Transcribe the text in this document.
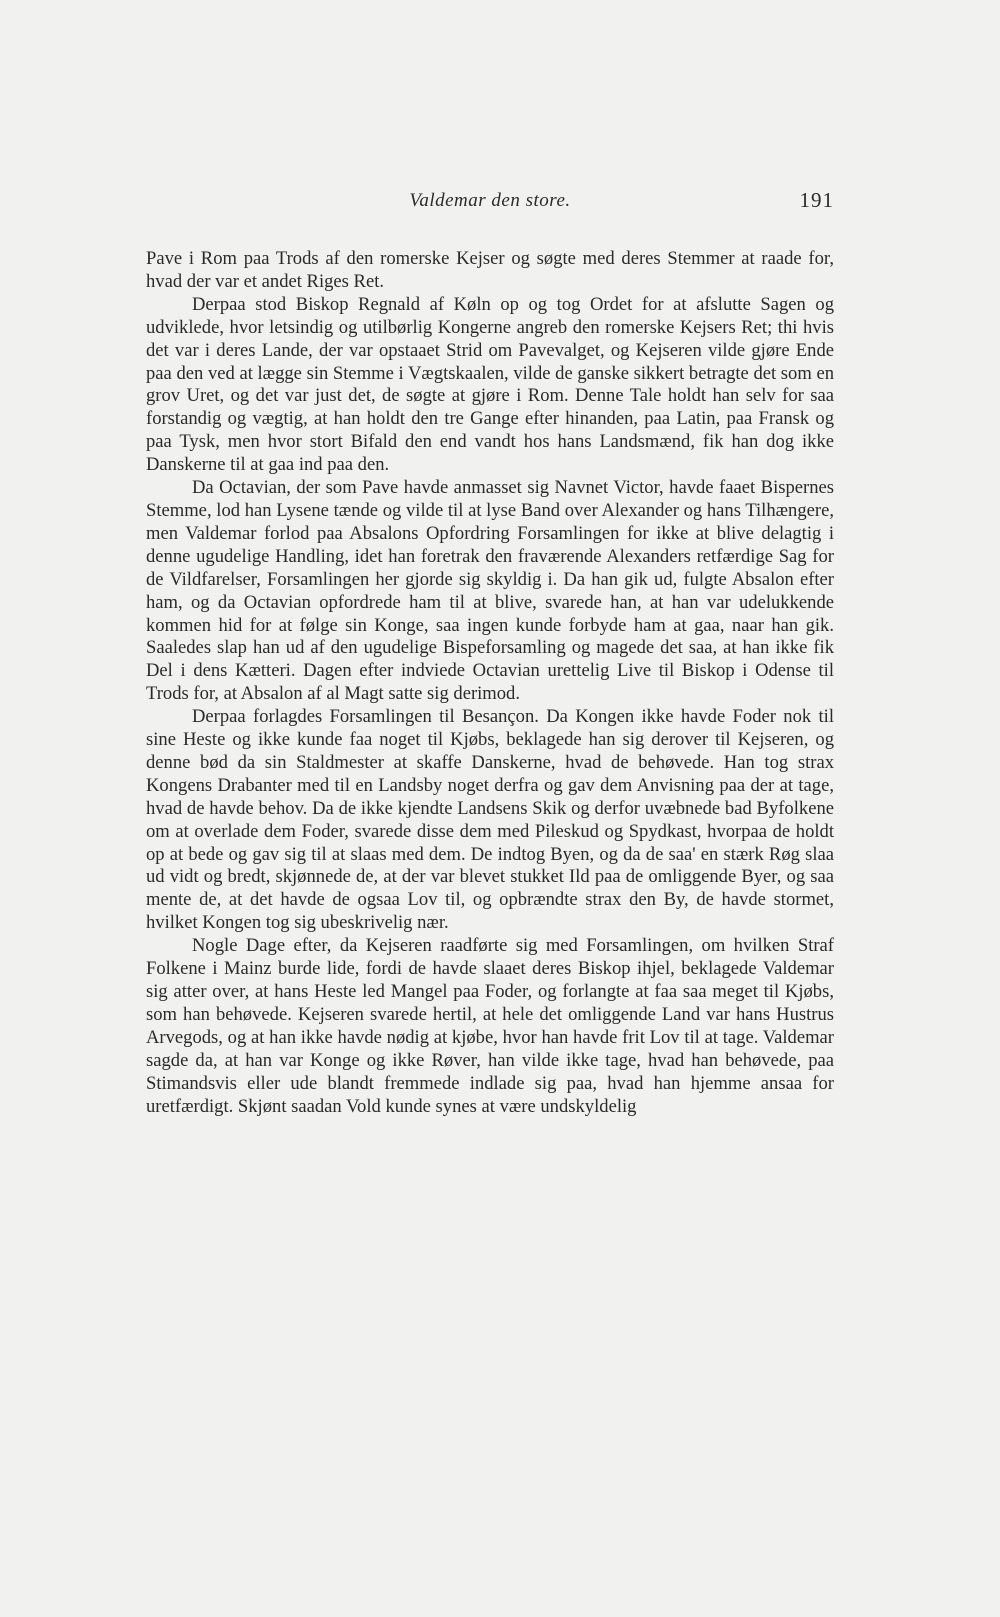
Valdemar den store.	191

Pave i Rom paa Trods af den romerske Kejser og søgte med deres Stemmer at raade for, hvad der var et andet Riges Ret.

Derpaa stod Biskop Regnald af Køln op og tog Ordet for at afslutte Sagen og udviklede, hvor letsindig og utilbørlig Kongerne angreb den romerske Kejsers Ret; thi hvis det var i deres Lande, der var opstaaet Strid om Pavevalget, og Kejseren vilde gjøre Ende paa den ved at lægge sin Stemme i Vægtskaalen, vilde de ganske sikkert betragte det som en grov Uret, og det var just det, de søgte at gjøre i Rom. Denne Tale holdt han selv for saa forstandig og vægtig, at han holdt den tre Gange efter hinanden, paa Latin, paa Fransk og paa Tysk, men hvor stort Bifald den end vandt hos hans Landsmænd, fik han dog ikke Danskerne til at gaa ind paa den.

Da Octavian, der som Pave havde anmasset sig Navnet Victor, havde faaet Bispernes Stemme, lod han Lysene tænde og vilde til at lyse Band over Alexander og hans Tilhængere, men Valdemar forlod paa Absalons Opfordring Forsamlingen for ikke at blive delagtig i denne ugudelige Handling, idet han foretrak den fraværende Alexanders retfærdige Sag for de Vildfarelser, Forsamlingen her gjorde sig skyldig i. Da han gik ud, fulgte Absalon efter ham, og da Octavian opfordrede ham til at blive, svarede han, at han var udelukkende kommen hid for at følge sin Konge, saa ingen kunde forbyde ham at gaa, naar han gik. Saaledes slap han ud af den ugudelige Bispeforsamling og magede det saa, at han ikke fik Del i dens Kætteri. Dagen efter indviede Octavian urettelig Live til Biskop i Odense til Trods for, at Absalon af al Magt satte sig derimod.

Derpaa forlagdes Forsamlingen til Besançon. Da Kongen ikke havde Foder nok til sine Heste og ikke kunde faa noget til Kjøbs, beklagede han sig derover til Kejseren, og denne bød da sin Staldmester at skaffe Danskerne, hvad de behøvede. Han tog strax Kongens Drabanter med til en Landsby noget derfra og gav dem Anvisning paa der at tage, hvad de havde behov. Da de ikke kjendte Landsens Skik og derfor uvæbnede bad Byfolkene om at overlade dem Foder, svarede disse dem med Pileskud og Spydkast, hvorpaa de holdt op at bede og gav sig til at slaas med dem. De indtog Byen, og da de saa' en stærk Røg slaa ud vidt og bredt, skjønnede de, at der var blevet stukket Ild paa de omliggende Byer, og saa mente de, at det havde de ogsaa Lov til, og opbrændte strax den By, de havde stormet, hvilket Kongen tog sig ubeskrivelig nær.

Nogle Dage efter, da Kejseren raadførte sig med Forsamlingen, om hvilken Straf Folkene i Mainz burde lide, fordi de havde slaaet deres Biskop ihjel, beklagede Valdemar sig atter over, at hans Heste led Mangel paa Foder, og forlangte at faa saa meget til Kjøbs, som han behøvede. Kejseren svarede hertil, at hele det omliggende Land var hans Hustrus Arvegods, og at han ikke havde nødig at kjøbe, hvor han havde frit Lov til at tage. Valdemar sagde da, at han var Konge og ikke Røver, han vilde ikke tage, hvad han behøvede, paa Stimandsvis eller ude blandt fremmede indlade sig paa, hvad han hjemme ansaa for uretfærdigt. Skjønt saadan Vold kunde synes at være undskyldelig
